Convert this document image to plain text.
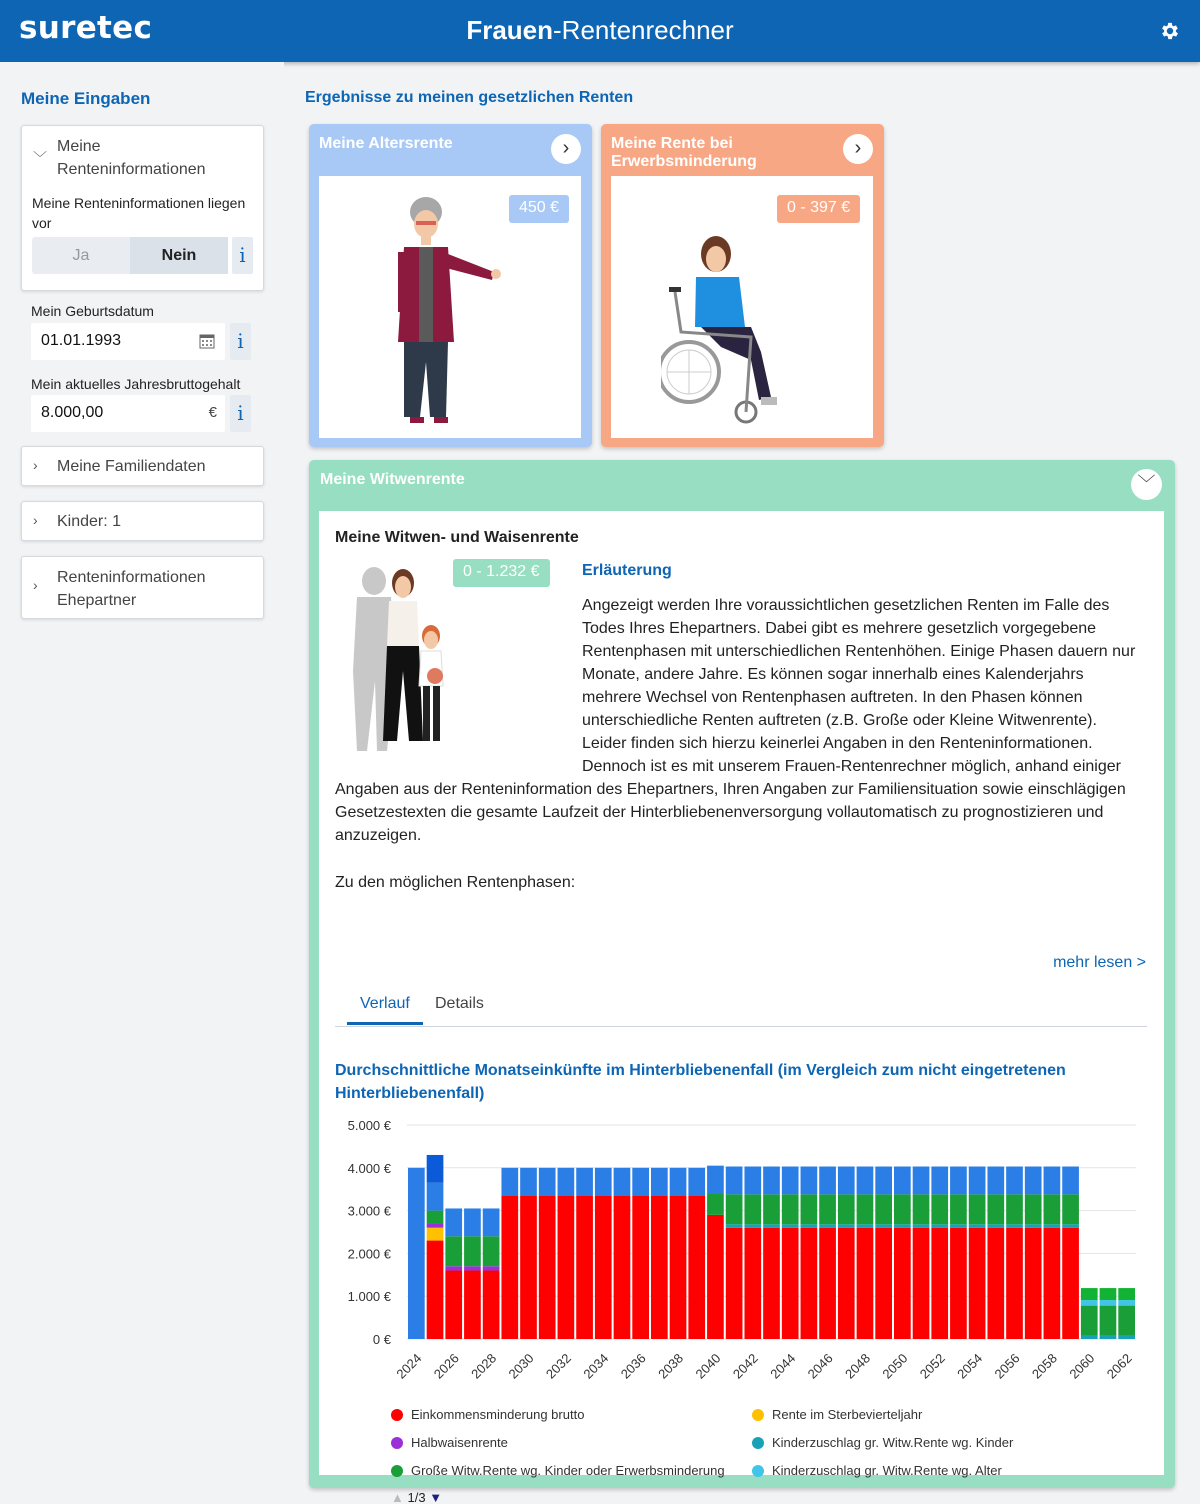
suretec	Frauen-Rentenrechner
Meine Eingaben
﹀
Meine
Renteninformationen
Meine Renteninformationen liegen vor
Ja	Nein	i
Mein Geburtsdatum
01.01.1993	i
Mein aktuelles Jahresbruttogehalt
8.000,00	€	i
› Meine Familiendaten
› Kinder: 1
› Renteninformationen
Ehepartner
Ergebnisse zu meinen gesetzlichen Renten
Meine Altersrente	›
450 €
Meine Rente bei
Erwerbsminderung
›
0 - 397 €
Meine Witwenrente	﹀
Meine Witwen- und Waisenrente
0 - 1.232 €	Erläuterung
Angezeigt werden Ihre voraussichtlichen gesetzlichen Renten im Falle des
Todes Ihres Ehepartners. Dabei gibt es mehrere gesetzlich vorgegebene
Rentenphasen mit unterschiedlichen Rentenhöhen. Einige Phasen dauern nur
Monate, andere Jahre. Es können sogar innerhalb eines Kalenderjahrs
mehrere Wechsel von Rentenphasen auftreten. In den Phasen können
unterschiedliche Renten auftreten (z.B. Große oder Kleine Witwenrente).
Leider finden sich hierzu keinerlei Angaben in den Renteninformationen.
Dennoch ist es mit unserem Frauen-Rentenrechner möglich, anhand einiger
Angaben aus der Renteninformation des Ehepartners, Ihren Angaben zur Familiensituation sowie einschlägigen
Gesetzestexten die gesamte Laufzeit der Hinterbliebenenversorgung vollautomatisch zu prognostizieren und
anzuzeigen.
Zu den möglichen Rentenphasen:
mehr lesen >
Verlauf	Details
Durchschnittliche Monatseinkünfte im Hinterbliebenenfall (im Vergleich zum nicht eingetretenen Hinterbliebenenfall)
0 €
1.000 €
2.000 €
3.000 €
4.000 €
5.000 €
2024 2026 2028 2030 2032 2034 2036 2038 2040 2042 2044 2046 2048 2050 2052 2054 2056 2058 2060 2062
Einkommensminderung brutto	Rente im Sterbevierteljahr
Halbwaisenrente	Kinderzuschlag gr. Witw.Rente wg. Kinder
Große Witw.Rente wg. Kinder oder Erwerbsminderung	Kinderzuschlag gr. Witw.Rente wg. Alter
▲ 1/3 ▼
